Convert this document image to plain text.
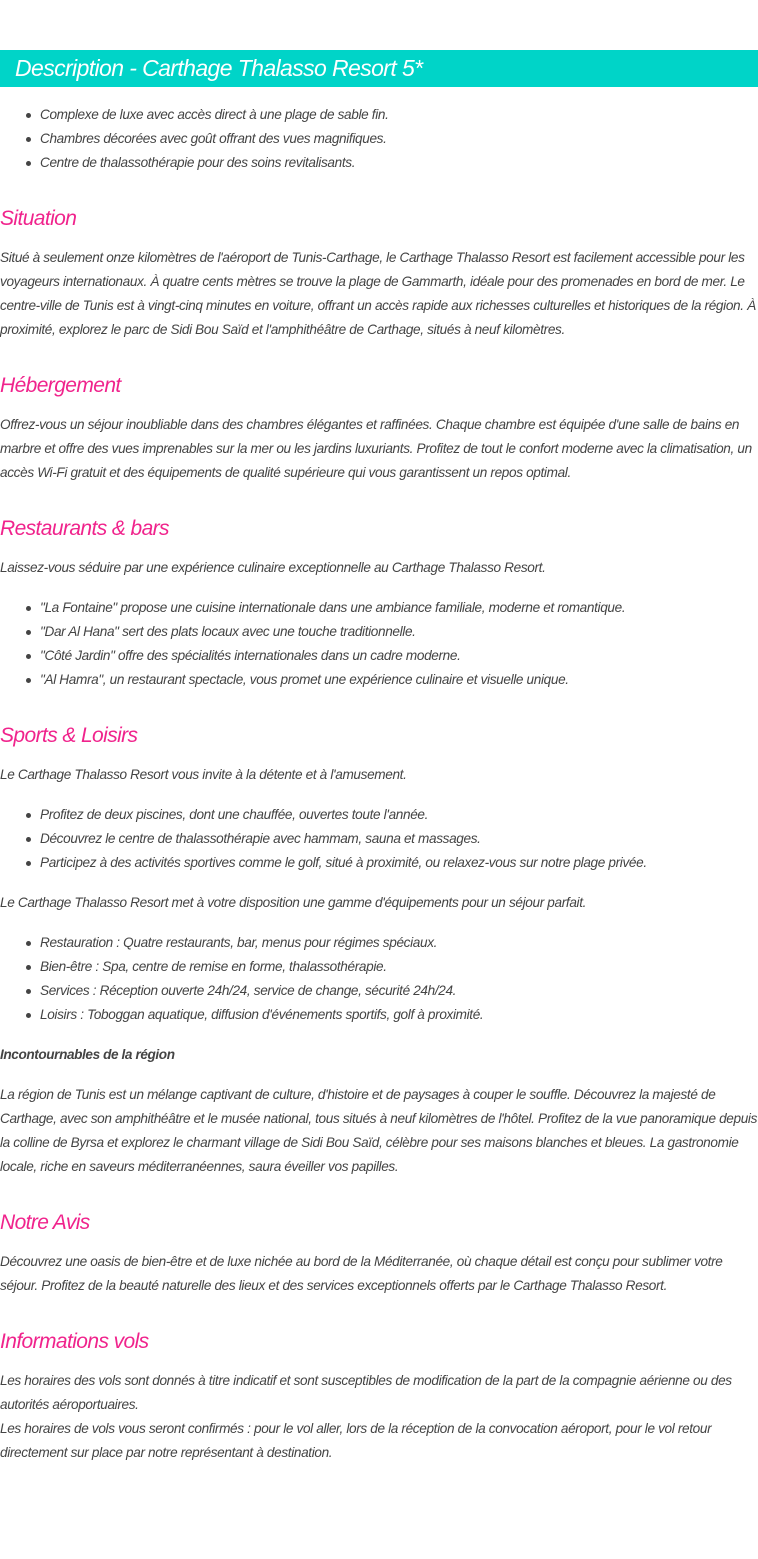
Description - Carthage Thalasso Resort 5*
Complexe de luxe avec accès direct à une plage de sable fin.
Chambres décorées avec goût offrant des vues magnifiques.
Centre de thalassothérapie pour des soins revitalisants.
Situation

Situé à seulement onze kilomètres de l'aéroport de Tunis-Carthage, le Carthage Thalasso Resort est facilement accessible pour les voyageurs internationaux. À quatre cents mètres se trouve la plage de Gammarth, idéale pour des promenades en bord de mer. Le centre-ville de Tunis est à vingt-cinq minutes en voiture, offrant un accès rapide aux richesses culturelles et historiques de la région. À proximité, explorez le parc de Sidi Bou Saïd et l'amphithéâtre de Carthage, situés à neuf kilomètres.

Hébergement

Offrez-vous un séjour inoubliable dans des chambres élégantes et raffinées. Chaque chambre est équipée d'une salle de bains en marbre et offre des vues imprenables sur la mer ou les jardins luxuriants. Profitez de tout le confort moderne avec la climatisation, un accès Wi-Fi gratuit et des équipements de qualité supérieure qui vous garantissent un repos optimal.

Restaurants & bars

Laissez-vous séduire par une expérience culinaire exceptionnelle au Carthage Thalasso Resort.

"La Fontaine" propose une cuisine internationale dans une ambiance familiale, moderne et romantique.
"Dar Al Hana" sert des plats locaux avec une touche traditionnelle.
"Côté Jardin" offre des spécialités internationales dans un cadre moderne.
"Al Hamra", un restaurant spectacle, vous promet une expérience culinaire et visuelle unique.
Sports & Loisirs

Le Carthage Thalasso Resort vous invite à la détente et à l'amusement.

Profitez de deux piscines, dont une chauffée, ouvertes toute l'année.
Découvrez le centre de thalassothérapie avec hammam, sauna et massages.
Participez à des activités sportives comme le golf, situé à proximité, ou relaxez-vous sur notre plage privée.

Le Carthage Thalasso Resort met à votre disposition une gamme d'équipements pour un séjour parfait.

Restauration : Quatre restaurants, bar, menus pour régimes spéciaux.
Bien-être : Spa, centre de remise en forme, thalassothérapie.
Services : Réception ouverte 24h/24, service de change, sécurité 24h/24.
Loisirs : Toboggan aquatique, diffusion d'événements sportifs, golf à proximité.
Incontournables de la région

La région de Tunis est un mélange captivant de culture, d'histoire et de paysages à couper le souffle. Découvrez la majesté de Carthage, avec son amphithéâtre et le musée national, tous situés à neuf kilomètres de l'hôtel. Profitez de la vue panoramique depuis la colline de Byrsa et explorez le charmant village de Sidi Bou Saïd, célèbre pour ses maisons blanches et bleues. La gastronomie locale, riche en saveurs méditerranéennes, saura éveiller vos papilles.

Notre Avis

Découvrez une oasis de bien-être et de luxe nichée au bord de la Méditerranée, où chaque détail est conçu pour sublimer votre séjour. Profitez de la beauté naturelle des lieux et des services exceptionnels offerts par le Carthage Thalasso Resort.

Informations vols

Les horaires des vols sont donnés à titre indicatif et sont susceptibles de modification de la part de la compagnie aérienne ou des autorités aéroportuaires.

Les horaires de vols vous seront confirmés : pour le vol aller, lors de la réception de la convocation aéroport, pour le vol retour directement sur place par notre représentant à destination.
